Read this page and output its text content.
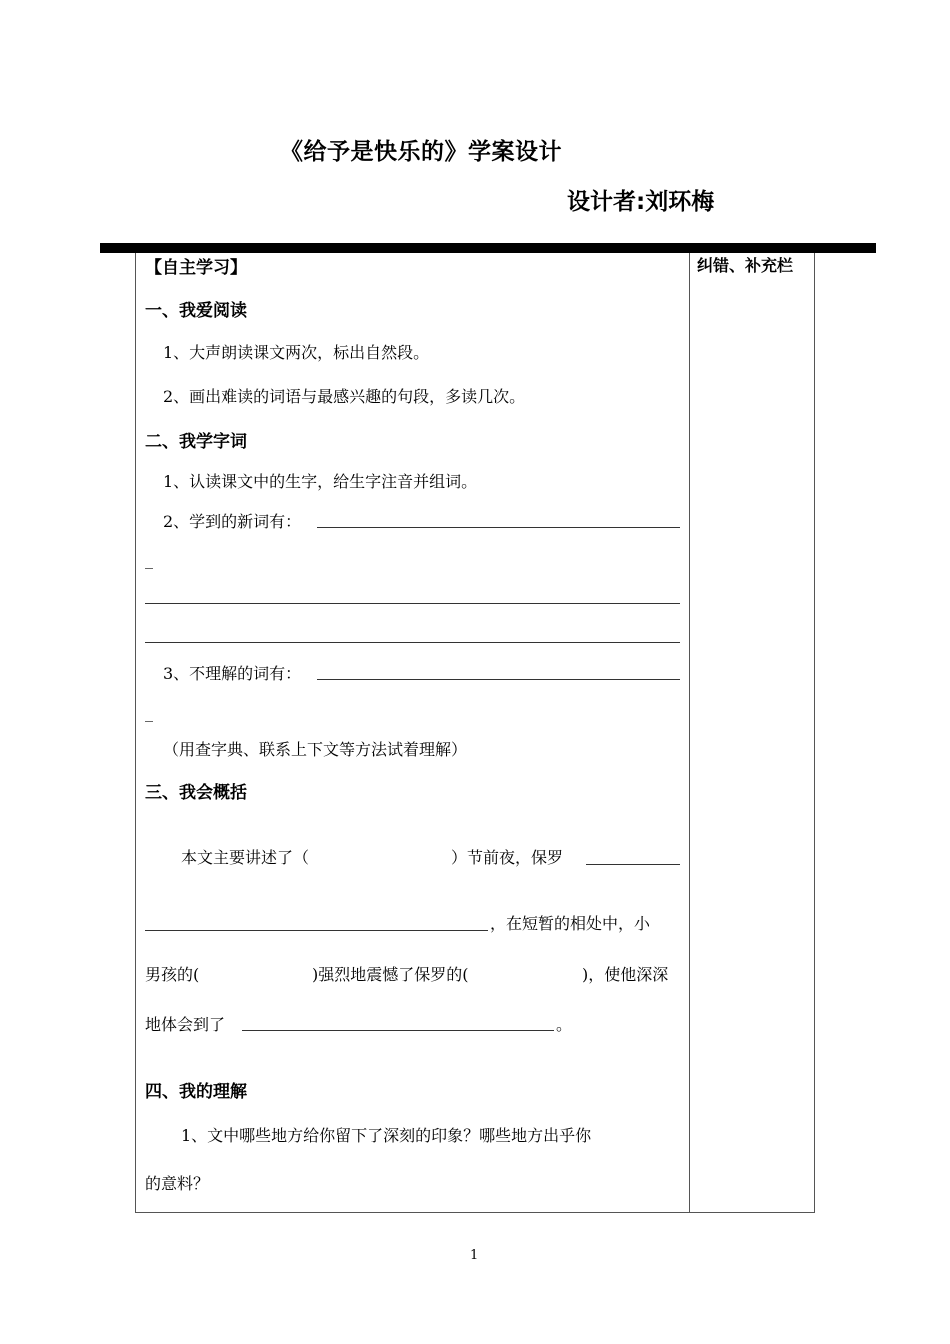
《给予是快乐的》学案设计
设计者:刘环梅
纠错、补充栏
【自主学习】
一、我爱阅读
1、大声朗读课文两次，标出自然段。
2、画出难读的词语与最感兴趣的句段，多读几次。
二、我学字词
1、认读课文中的生字，给生字注音并组词。
2、学到的新词有：
_
3、不理解的词有：
_
（用查字典、联系上下文等方法试着理解）
三、我会概括
本文主要讲述了（	）节前夜，保罗
，在短暂的相处中，小
男孩的(	)强烈地震憾了保罗的(	)，使他深深
地体会到了	。
四、我的理解
1、文中哪些地方给你留下了深刻的印象？哪些地方出乎你
的意料？
1
